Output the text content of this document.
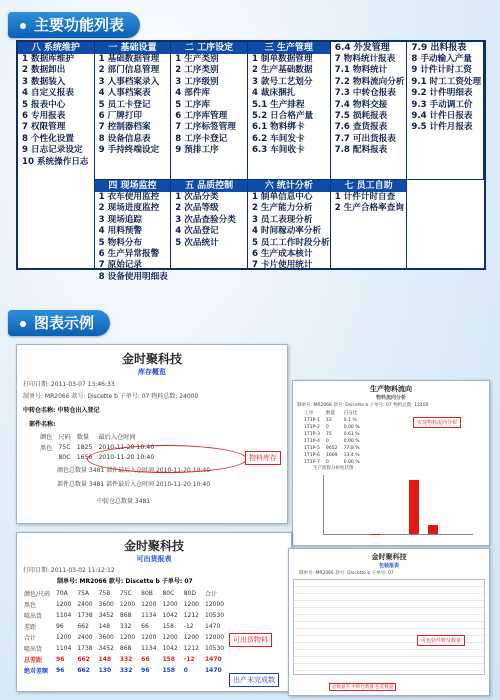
主要功能列表
一 基础设置
1 基础数据管理
2 部门信息管理
3 人事档案录入
4 人事档案表
5 员工卡登记
6 厂牌打印
7 控制器档案
8 设备信息表
9 手持终端设定
二 工序设定
1 生产类别
2 工序类别
3 工序级别
4 部件库
5 工序库
6 工序库管理
7 工序标签管理
8 工序卡登记
9 预排工序
三 生产管理
1 制单数据管理
2 生产基础数据
3 款号工艺划分
4 裁床捆扎
5.1 生产排程
5.2 日合格产量
6.1 物料绑卡
6.2 车间发卡
6.3 车间收卡
6.4 外发管理
7 物料统计报表
7.1 物料统计
7.2 物料流向分析
7.3 中转仓报表
7.4 物料交接
7.5 损耗报表
7.6 查货报表
7.7 可出货报表
7.8 配料报表
7.9 出料报表
8 手动输入产量
9 计件计时工资
9.1 时工工资处理
9.2 计件明细表
9.3 手动调工价
9.4 计件日报表
9.5 计件月报表
八 系统维护
1 数据库维护
2 数据卸出
3 数据装入
4 自定义报表
5 报表中心
6 专用报表
7 权限管理
8 个性化设置
9 日志记录设定
10 系统操作日志
四 现场监控
1 衣车使用监控
2 现场进度监控
3 现场追踪
4 用料预警
5 物料分布
6 生产异常报警
7 原始记录
8 设备使用明细表
五 品质控制
1 次品分类
2 次品等级
3 次品查验分类
4 次品登记
5 次品统计
六 统计分析
1 制单信息中心
2 生产能力分析
3 员工表现分析
4 时间稼动率分析
5 员工工作时段分析
6 生产成本核计
7 卡片使用统计
七 员工自助
1 计件计时自查
2 生产合格率查询
图表示例
金时聚科技
库存概览
打印日期: 2011-03-07 13:46:33
制单号: MR2066 款号: Discette b 子单号: 07 物料总数: 24000
中转仓名称: 中转仓出入登记
部件名称:
颜色	尺码	数量	最后入仓时间
黑色	75C	1825	2010-11-20 10:40
	80C	1656	2010-11-20 10:40
颜色总数量 3481 部件最后入仓时间 2010-11-20 10:40
部件总数量 3481 部件最后入仓时间 2010-11-20 10:40
中转仓总数量 3481
物料库存
生产物料流向
物料流向分析
制单号: MR2066 款号: Discette b 子单号: 07 物料总数: 12400
工序	数量	百分比
1T1P-1	12	0.1 %
1T1P-2	0	0.00 %
1T1P-3	75	0.61 %
1T1P-4	0	0.00 %
1T1P-5	9652	77.8 %
1T1P-6	1669	13.4 %
1T1P-7	0	0.00 %
实现物料流向分布
生产流程分析柱状图
金时聚科技
可出货报表
打印日期: 2011-03-02 11:12:12
制单号: MR2066 款号: Discette b 子单号: 07
颜色/尺码	70A	75A	75B	75C	80B	80C	80D	合计
黑色	1200	2400	3600	1200	1200	1200	1200	12000
喷出货	1104	1738	3452	868	1134	1042	1212	10530
差距	96	662	148	332	66	158	-12	1470
合计	1200	2400	3600	1200	1200	1200	1200	12000
喷出货	1104	1738	3452	868	1134	1042	1212	10530
总差距	96	662	148	332	66	158	-12	1470
绝对差额	96	662	130	332	96	158	0	1470
可出货物料
出产未完成数
金时聚科技
包装报表
制单号: MR2066 款号: Discette b 子单号: 07
可包装件数及数量
总数量差 中转仓数量 包装数量
